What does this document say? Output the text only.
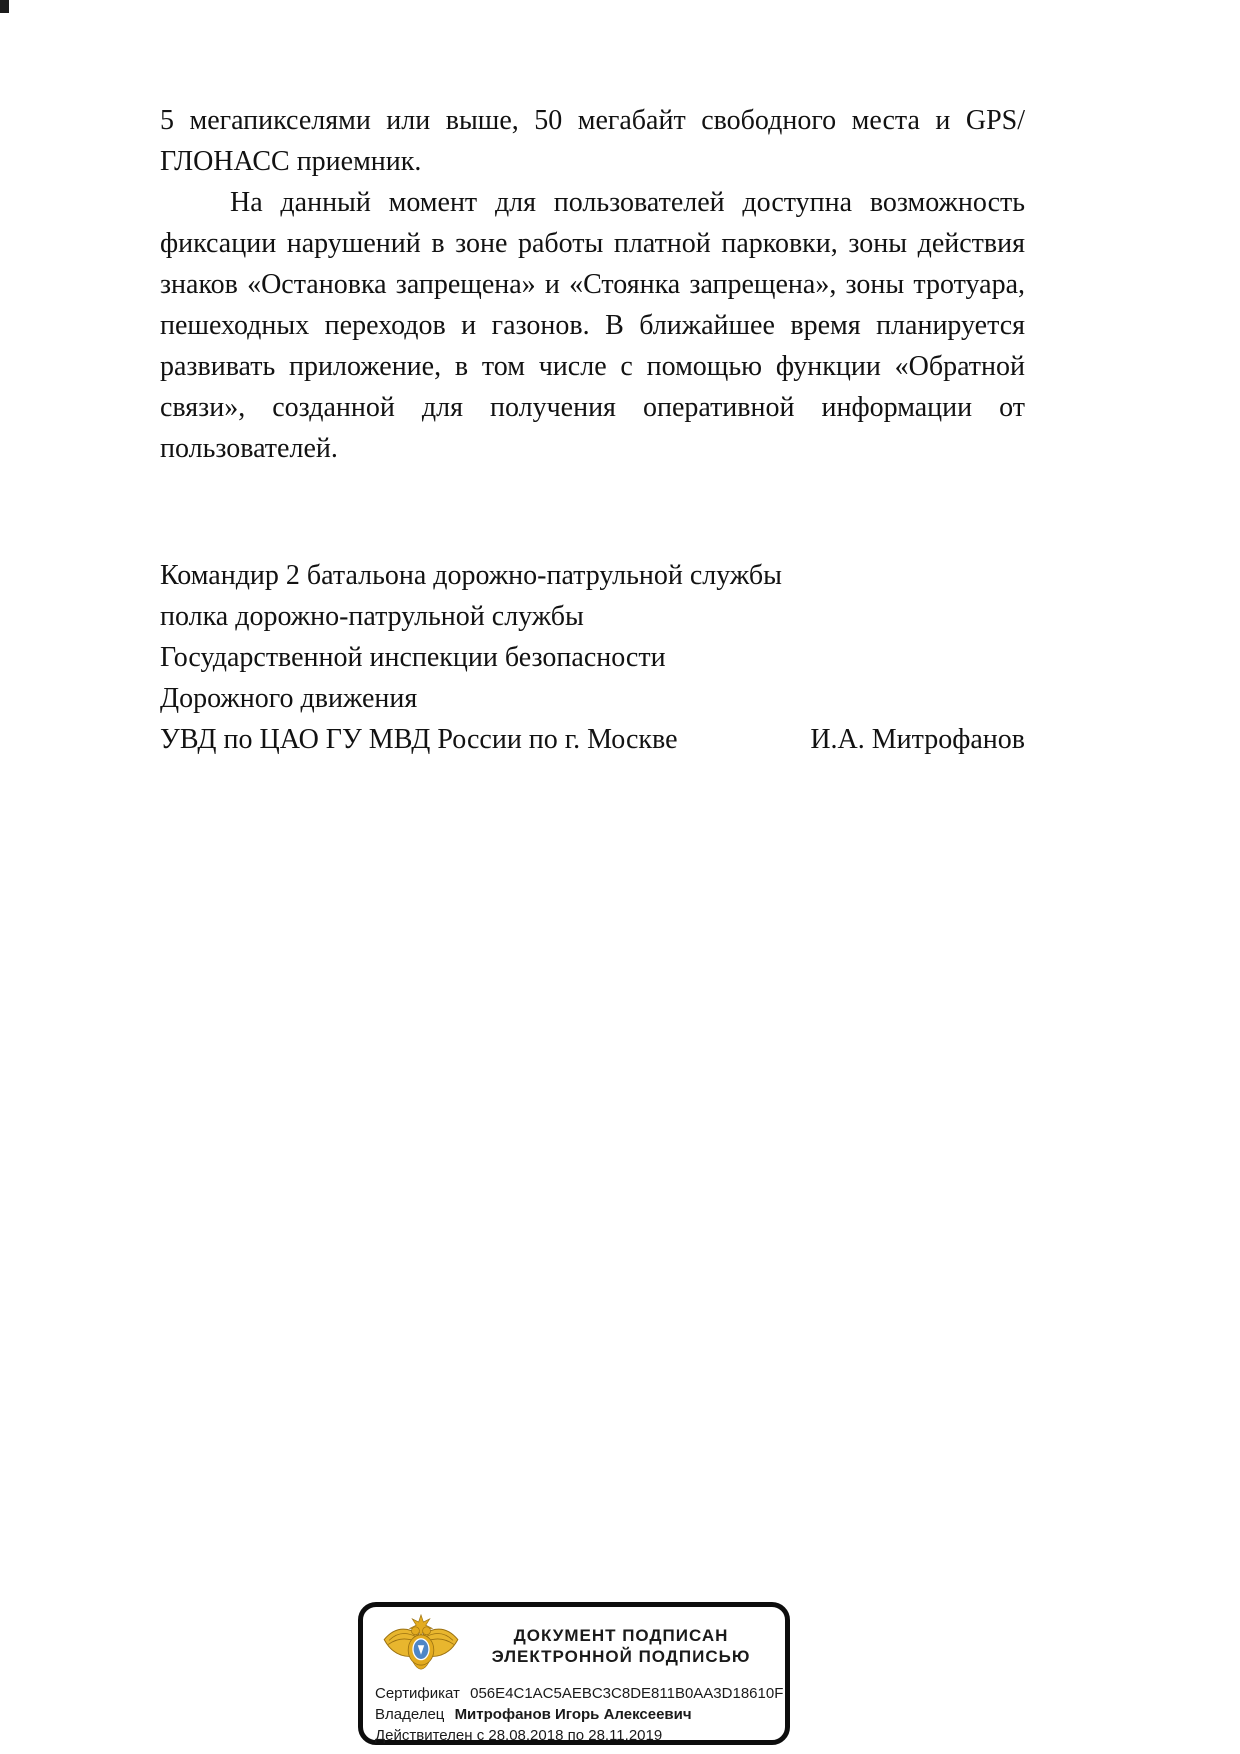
5 мегапикселями или выше, 50 мегабайт свободного места и GPS/ГЛОНАСС приемник.

На данный момент для пользователей доступна возможность фиксации нарушений в зоне работы платной парковки, зоны действия знаков «Остановка запрещена» и «Стоянка запрещена», зоны тротуара, пешеходных переходов и газонов. В ближайшее время планируется развивать приложение, в том числе с помощью функции «Обратной связи», созданной для получения оперативной информации от пользователей.

Командир 2 батальона дорожно-патрульной службы
полка дорожно-патрульной службы
Государственной инспекции безопасности
Дорожного движения
УВД по ЦАО ГУ МВД России по г. Москве	И.А. Митрофанов
ДОКУМЕНТ ПОДПИСАН
ЭЛЕКТРОННОЙ ПОДПИСЬЮ
Сертификат 056E4C1AC5AEBC3C8DE811B0AA3D18610F
Владелец Митрофанов Игорь Алексеевич
Действителен с 28.08.2018 по 28.11.2019
